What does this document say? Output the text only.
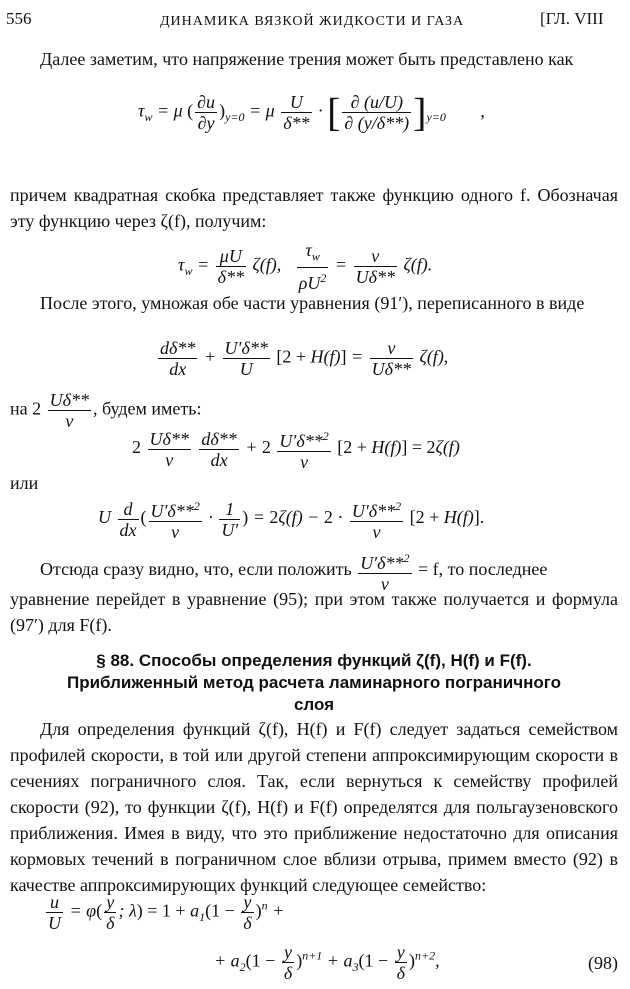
556	ДИНАМИКА ВЯЗКОЙ ЖИДКОСТИ И ГАЗА	[ГЛ. VIII
Далее заметим, что напряжение трения может быть представлено как
$\tau_w = \mu$ ( $\frac{\partial u}{\partial y} )_{y=0} = \mu \frac{U}{\delta**}$ · [ $\frac{\partial (u/U)}{\partial (y/\delta**)} ]_{y=0}$ ,
причем квадратная скобка представляет также функцию одного f. Обозначая эту функцию через ζ(f), получим:
$\tau_w = \frac{\mu U}{\delta**} \zeta(f)$, $\frac{\tau_w}{\rho U^2} = \frac{\nu}{U\delta**} \zeta(f)$.
После этого, умножая обе части уравнения (91′), переписанного в виде
$\frac{d\delta**}{dx} + \frac{U'\delta**}{U} [2 + H(f)] = \frac{\nu}{U\delta**} \zeta(f)$,
на $2 \frac{U\delta**}{\nu}$ , будем иметь:
$2 \frac{U\delta**}{\nu}$
$\frac{d\delta**}{dx} + 2 \frac{U'\delta**^2}{\nu} [2 + H(f)] = 2\zeta(f)$
или
U $\frac{d}{dx}$ ( $\frac{U'\delta**^2}{\nu} \cdot \frac{1}{U'}$ ) = $2\zeta(f) - 2 \cdot \frac{U'\delta**^2}{\nu} [2 + H(f)]$.
Отсюда сразу видно, что, если положить $\frac{U'\delta**^2}{\nu} = f$, то последнее
уравнение перейдет в уравнение (95); при этом также получается и формула (97′) для F(f).
§ 88. Способы определения функций ζ(f), H(f) и F(f).
Приближенный метод расчета ламинарного пограничного
слоя
Для определения функций ζ(f), H(f) и F(f) следует задаться семейством профилей скорости, в той или другой степени аппроксимирующим скорости в сечениях пограничного слоя. Так, если вернуться к семейству профилей скорости (92), то функции ζ(f), H(f) и F(f) определятся для польгаузеновского приближения. Имея в виду, что это приближение недостаточно для описания кормовых течений в пограничном слое вблизи отрыва, примем вместо (92) в качестве аппроксимирующих функций следующее семейство:
$\frac{u}{U} = \varphi( \frac{y}{\delta}$ ; $\lambda) = 1 + a_1(1 - \frac{y}{\delta} )^n$ +
+ $a_2(1 - \frac{y}{\delta} )^{n+1} + a_3(1 - \frac{y}{\delta} )^{n+2}$,	(98)
